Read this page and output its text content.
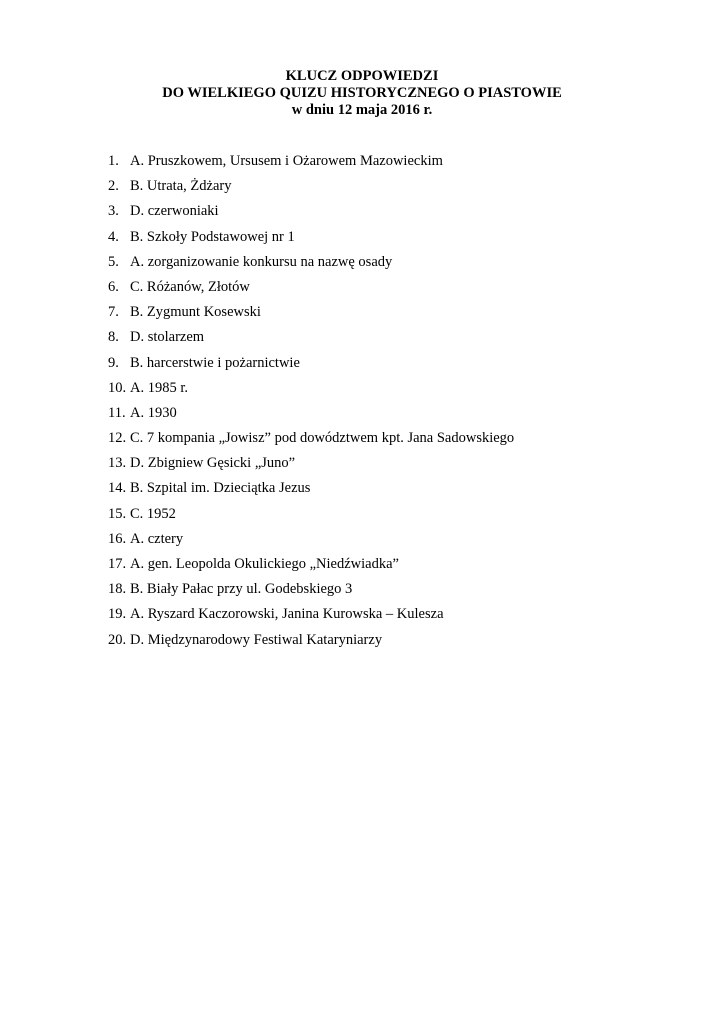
KLUCZ ODPOWIEDZI
DO WIELKIEGO QUIZU HISTORYCZNEGO O PIASTOWIE
w dniu 12 maja 2016 r.
1. A. Pruszkowem, Ursusem i Ożarowem Mazowieckim
2. B. Utrata, Żdżary
3. D. czerwoniaki
4. B. Szkoły Podstawowej nr 1
5. A. zorganizowanie konkursu na nazwę osady
6. C. Różanów, Złotów
7. B. Zygmunt Kosewski
8. D. stolarzem
9. B. harcerstwie i pożarnictwie
10. A. 1985 r.
11. A. 1930
12. C. 7 kompania „Jowisz” pod dowództwem kpt. Jana Sadowskiego
13. D. Zbigniew Gęsicki „Juno”
14. B. Szpital im. Dzieciątka Jezus
15. C. 1952
16. A. cztery
17. A. gen. Leopolda Okulickiego „Niedźwiadka”
18. B. Biały Pałac przy ul. Godebskiego 3
19. A. Ryszard Kaczorowski, Janina Kurowska – Kulesza
20. D. Międzynarodowy Festiwal Kataryniarzy
